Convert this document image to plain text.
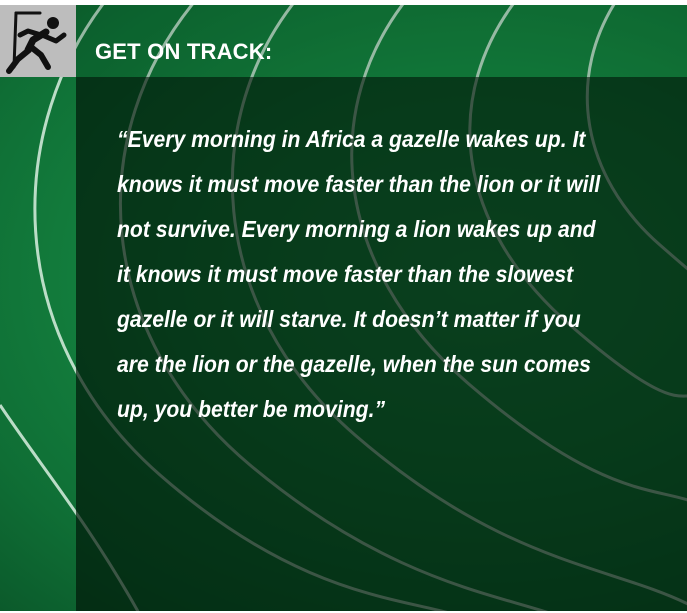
GET ON TRACK:

“Every morning in Africa a gazelle wakes up. It knows it must move faster than the lion or it will not survive. Every morning a lion wakes up and it knows it must move faster than the slowest gazelle or it will starve. It doesn’t matter if you are the lion or the gazelle, when the sun comes up, you better be moving.”
